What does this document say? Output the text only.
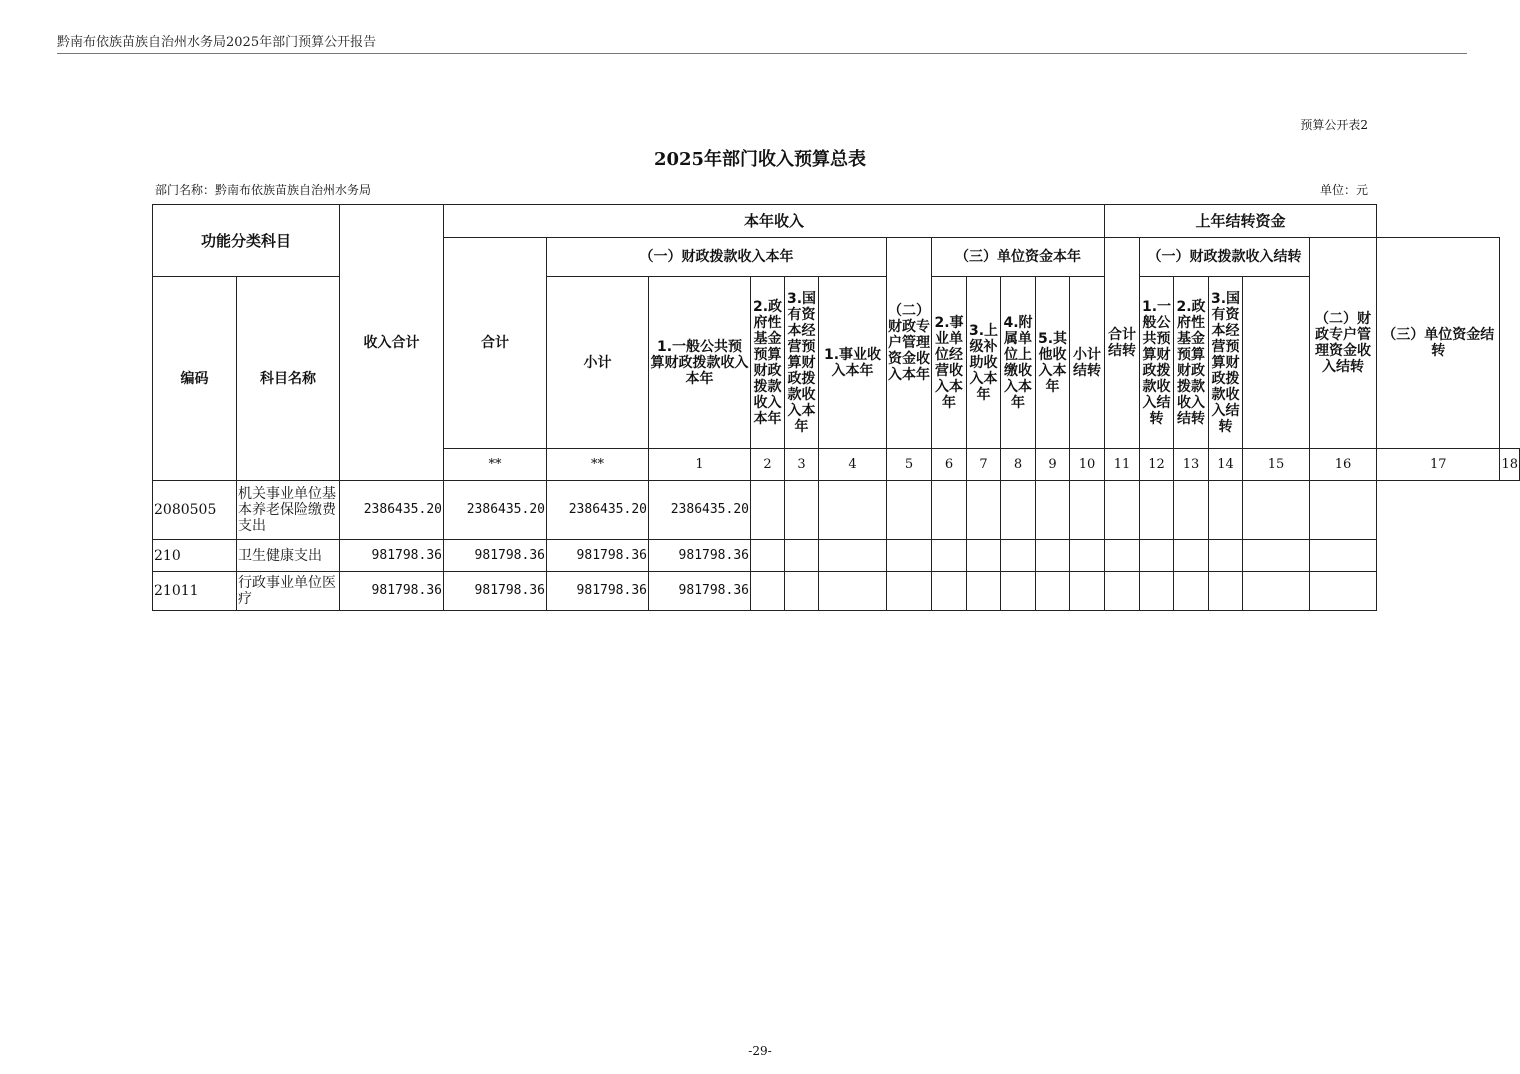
黔南布依族苗族自治州水务局2025年部门预算公开报告
预算公开表2
2025年部门收入预算总表
部门名称：黔南布依族苗族自治州水务局	单位：元
功能分类科目		收入合计	本年收入												上年结转资金							
			合计	（一）财政拨款收入本年					（二）财政专户管理资金收入本年	（三）单位资金本年					合计结转	（一）财政拨款收入结转				（二）财政专户管理资金收入结转	（三）单位资金结转	
编码	科目名称			小计	1.一般公共预算财政拨款收入本年	2.政府性基金预算财政拨款收入本年	3.国有资本经营预算财政拨款收入本年	1.事业收入本年		2.事业单位经营收入本年	3.上级补助收入本年	4.附属单位上缴收入本年	5.其他收入本年	小计结转		1.一般公共预算财政拨款收入结转	2.政府性基金预算财政拨款收入结转	3.国有资本经营预算财政拨款收入结转				
			**	**	1	2	3	4	5	6	7	8	9	10	11	12	13	14	15	16	17	18
2080505	机关事业单位基本养老保险缴费支出	2386435.20	2386435.20	2386435.20	2386435.20																	
210	卫生健康支出	981798.36	981798.36	981798.36	981798.36																	
21011	行政事业单位医疗	981798.36	981798.36	981798.36	981798.36																	
-29-
